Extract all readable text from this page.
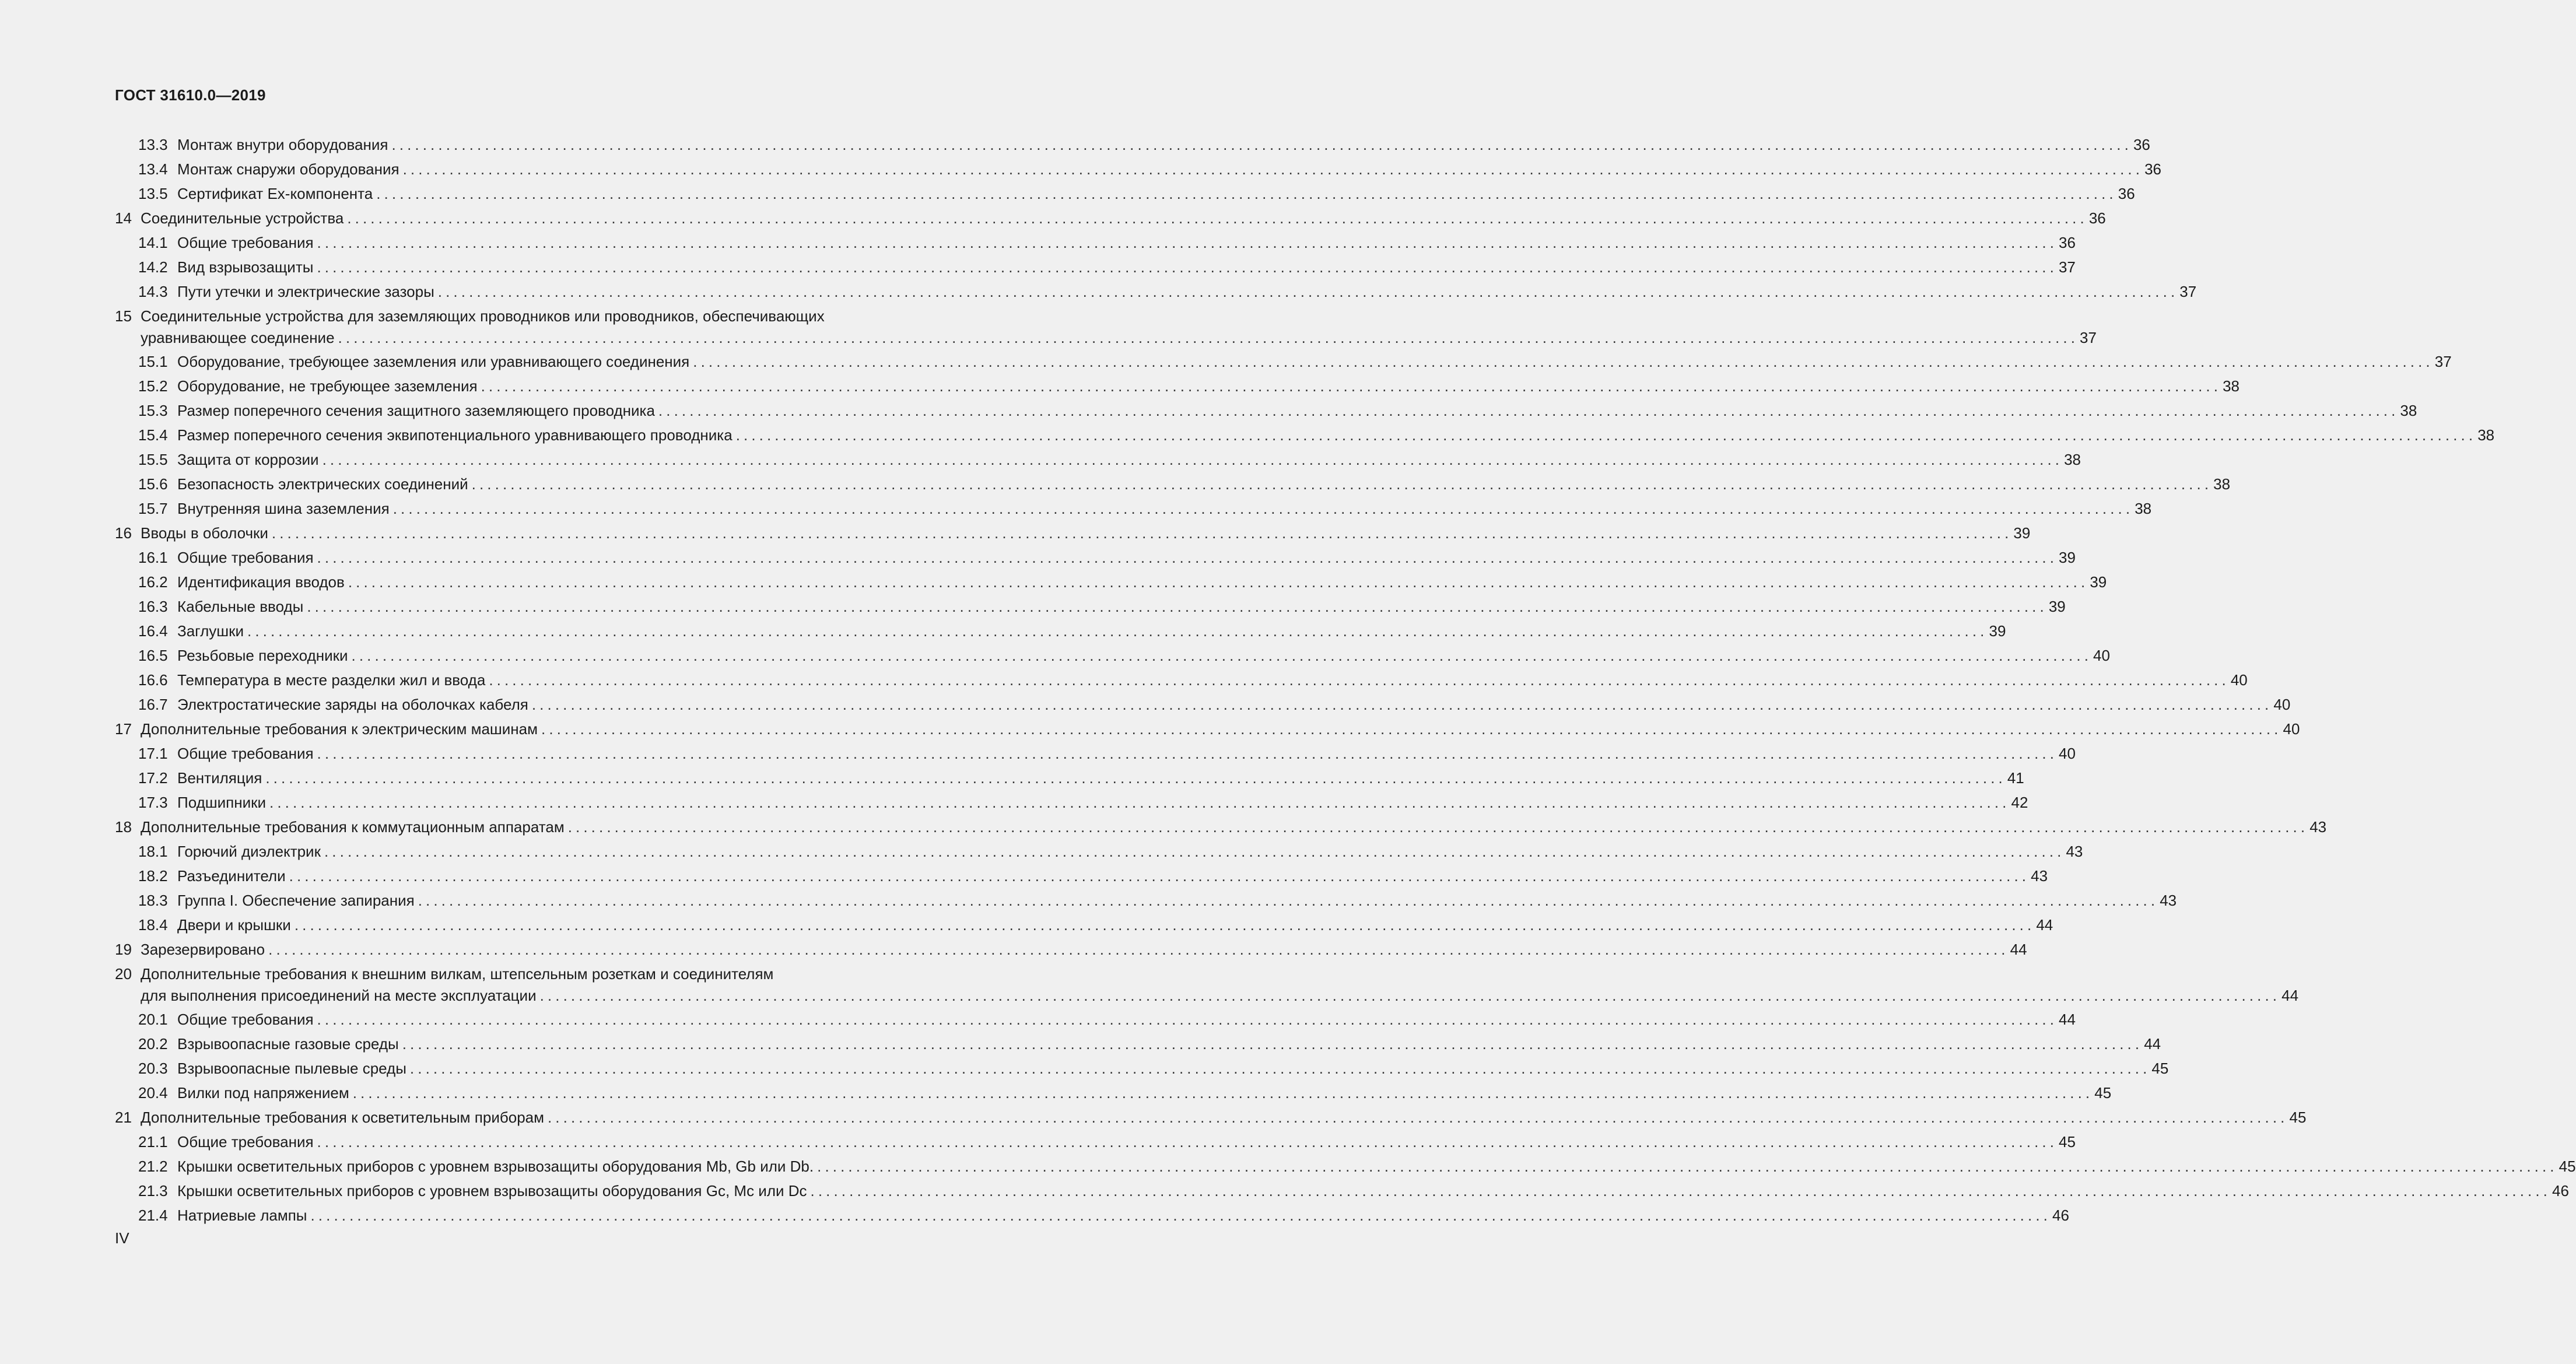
ГОСТ 31610.0—2019
13.3 Монтаж внутри оборудования .....	36
13.4 Монтаж снаружи оборудования .....	36
13.5 Сертификат Ex-компонента .....	36
14 Соединительные устройства .....	36
14.1 Общие требования .....	36
14.2 Вид взрывозащиты .....	37
14.3 Пути утечки и электрические зазоры .....	37
15 Соединительные устройства для заземляющих проводников или проводников, обеспечивающих
уравнивающее соединение .....	37
15.1 Оборудование, требующее заземления или уравнивающего соединения .....	37
15.2 Оборудование, не требующее заземления .....	38
15.3 Размер поперечного сечения защитного заземляющего проводника .....	38
15.4 Размер поперечного сечения эквипотенциального уравнивающего проводника .....	38
15.5 Защита от коррозии .....	38
15.6 Безопасность электрических соединений .....	38
15.7 Внутренняя шина заземления .....	38
16 Вводы в оболочки .....	39
16.1 Общие требования .....	39
16.2 Идентификация вводов .....	39
16.3 Кабельные вводы .....	39
16.4 Заглушки .....	39
16.5 Резьбовые переходники .....	40
16.6 Температура в месте разделки жил и ввода .....	40
16.7 Электростатические заряды на оболочках кабеля .....	40
17 Дополнительные требования к электрическим машинам .....	40
17.1 Общие требования .....	40
17.2 Вентиляция .....	41
17.3 Подшипники .....	42
18 Дополнительные требования к коммутационным аппаратам .....	43
18.1 Горючий диэлектрик .....	43
18.2 Разъединители .....	43
18.3 Группа I. Обеспечение запирания .....	43
18.4 Двери и крышки .....	44
19 Зарезервировано .....	44
20 Дополнительные требования к внешним вилкам, штепсельным розеткам и соединителям
для выполнения присоединений на месте эксплуатации .....	44
20.1 Общие требования .....	44
20.2 Взрывоопасные газовые среды .....	44
20.3 Взрывоопасные пылевые среды .....	45
20.4 Вилки под напряжением .....	45
21 Дополнительные требования к осветительным приборам .....	45
21.1 Общие требования .....	45
21.2 Крышки осветительных приборов с уровнем взрывозащиты оборудования Mb, Gb или Db. .....	45
21.3 Крышки осветительных приборов с уровнем взрывозащиты оборудования Gc, Mc или Dc .....	46
21.4 Натриевые лампы .....	46
IV
